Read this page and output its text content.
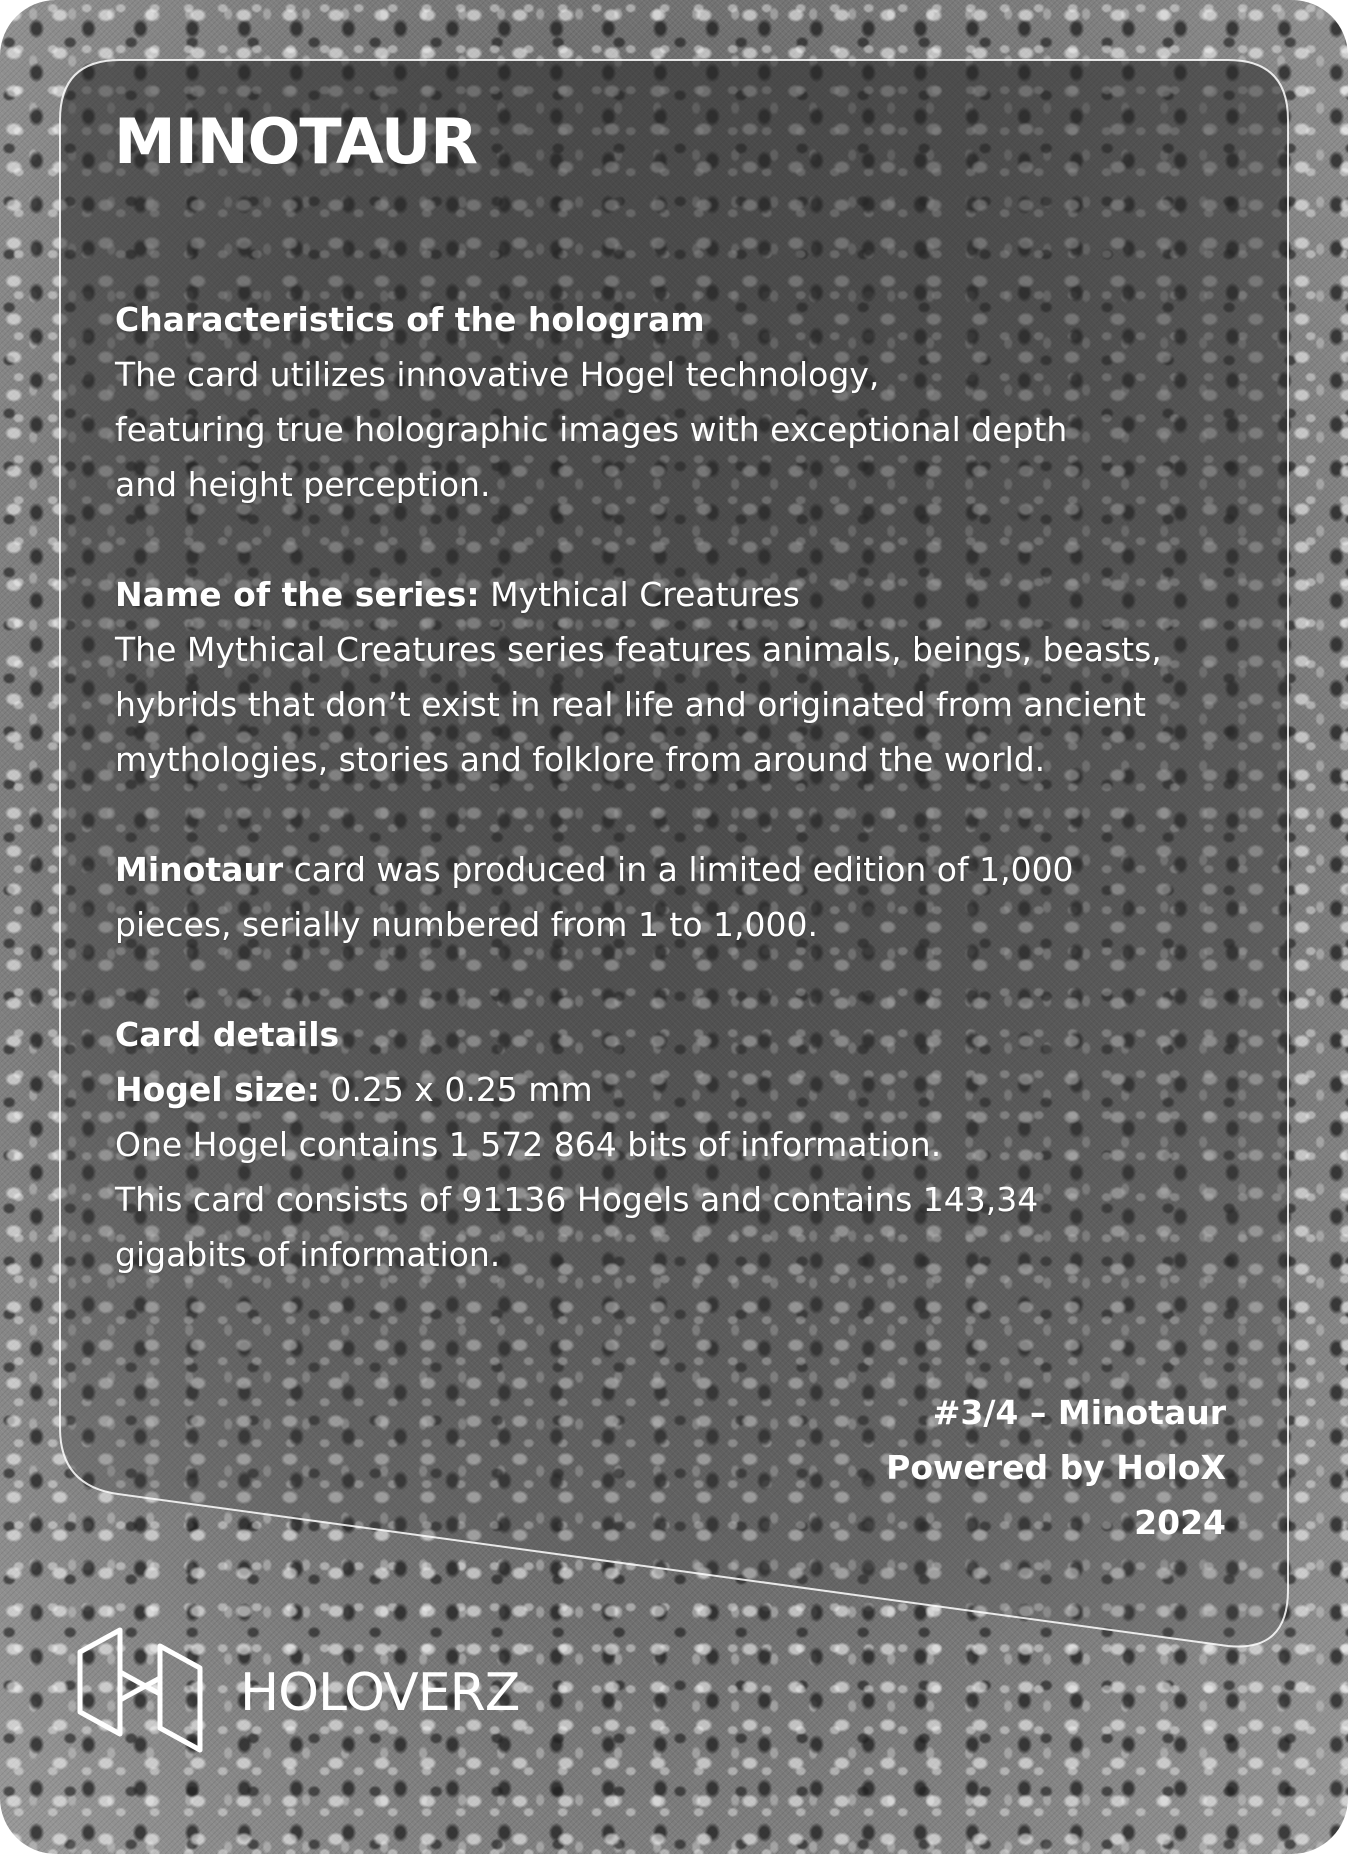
MINOTAUR
Characteristics of the hologram
The card utilizes innovative Hogel technology,
featuring true holographic images with exceptional depth
and height perception.
Name of the series: Mythical Creatures
The Mythical Creatures series features animals, beings, beasts,
hybrids that don’t exist in real life and originated from ancient
mythologies, stories and folklore from around the world.
Minotaur card was produced in a limited edition of 1,000
pieces, serially numbered from 1 to 1,000.
Card details
Hogel size: 0.25 x 0.25 mm
One Hogel contains 1 572 864 bits of information.
This card consists of 91136 Hogels and contains 143,34
gigabits of information.
#3/4 – Minotaur
Powered by HoloX
2024
HOLOVERZ
